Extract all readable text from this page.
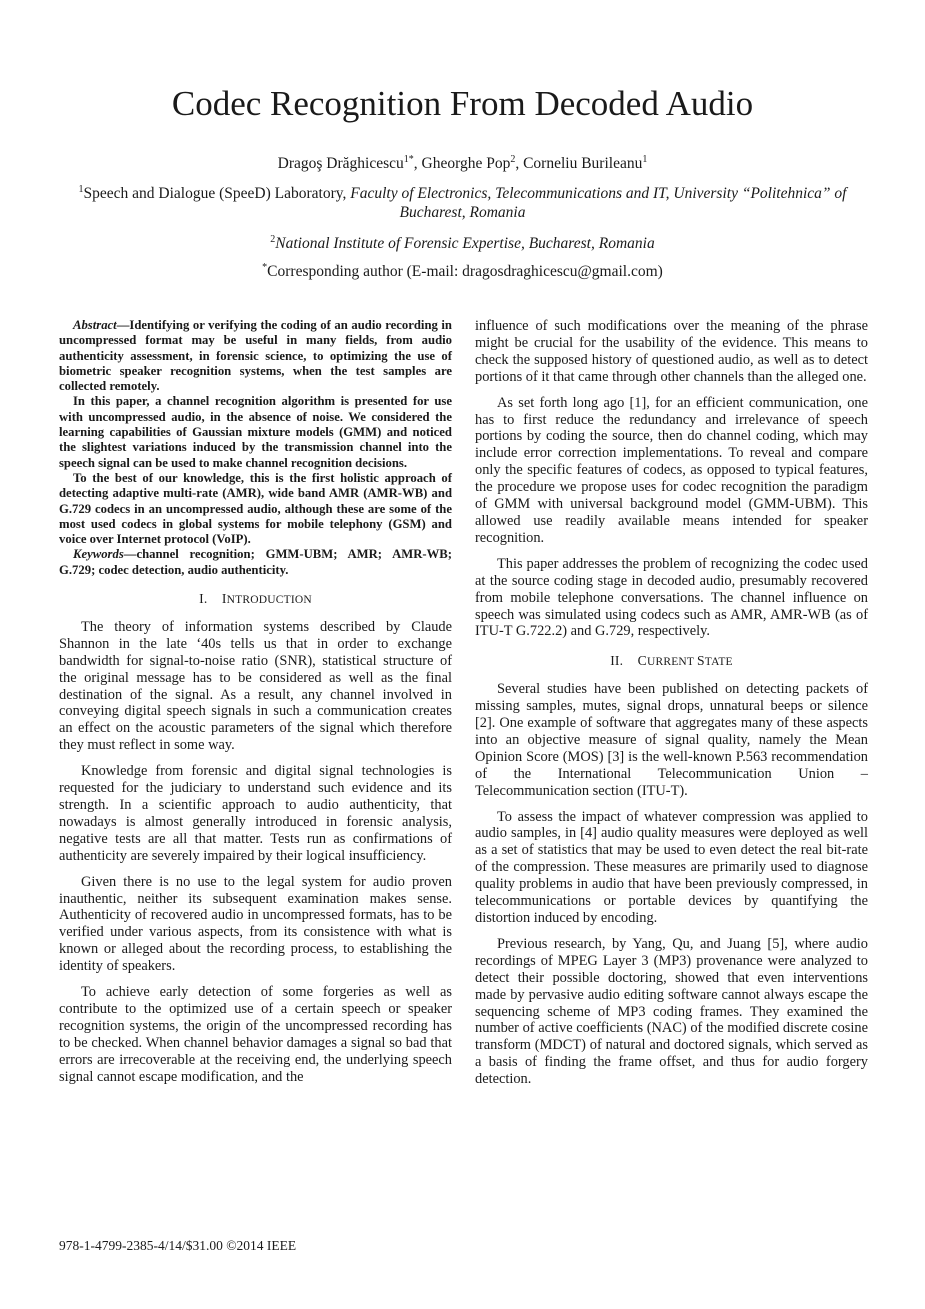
Codec Recognition From Decoded Audio
Dragoş Drăghicescu$^{1*}$, Gheorghe Pop$^2$, Corneliu Burileanu$^1$
$^1$Speech and Dialogue (SpeeD) Laboratory, Faculty of Electronics, Telecommunications and IT, University “Politehnica” of Bucharest, Romania
$^2$National Institute of Forensic Expertise, Bucharest, Romania
*Corresponding author (E-mail: dragosdraghicescu@gmail.com)

Abstract—Identifying or verifying the coding of an audio recording in uncompressed format may be useful in many fields, from audio authenticity assessment, in forensic science, to optimizing the use of biometric speaker recognition systems, when the test samples are collected remotely.

In this paper, a channel recognition algorithm is presented for use with uncompressed audio, in the absence of noise. We considered the learning capabilities of Gaussian mixture models (GMM) and noticed the slightest variations induced by the transmission channel into the speech signal can be used to make channel recognition decisions.

To the best of our knowledge, this is the first holistic approach of detecting adaptive multi-rate (AMR), wide band AMR (AMR-WB) and G.729 codecs in an uncompressed audio, although these are some of the most used codecs in global systems for mobile telephony (GSM) and voice over Internet protocol (VoIP).

Keywords—channel recognition; GMM-UBM; AMR; AMR-WB; G.729; codec detection, audio authenticity.

I. INTRODUCTION

The theory of information systems described by Claude Shannon in the late ‘40s tells us that in order to exchange bandwidth for signal-to-noise ratio (SNR), statistical structure of the original message has to be considered as well as the final destination of the signal. As a result, any channel involved in conveying digital speech signals in such a communication creates an effect on the acoustic parameters of the signal which therefore they must reflect in some way.

Knowledge from forensic and digital signal technologies is requested for the judiciary to understand such evidence and its strength. In a scientific approach to audio authenticity, that nowadays is almost generally introduced in forensic analysis, negative tests are all that matter. Tests run as confirmations of authenticity are severely impaired by their logical insufficiency.

Given there is no use to the legal system for audio proven inauthentic, neither its subsequent examination makes sense. Authenticity of recovered audio in uncompressed formats, has to be verified under various aspects, from its consistence with what is known or alleged about the recording process, to establishing the identity of speakers.

To achieve early detection of some forgeries as well as contribute to the optimized use of a certain speech or speaker recognition systems, the origin of the uncompressed recording has to be checked. When channel behavior damages a signal so bad that errors are irrecoverable at the receiving end, the underlying speech signal cannot escape modification, and the

influence of such modifications over the meaning of the phrase might be crucial for the usability of the evidence. This means to check the supposed history of questioned audio, as well as to detect portions of it that came through other channels than the alleged one.

As set forth long ago [1], for an efficient communication, one has to first reduce the redundancy and irrelevance of speech portions by coding the source, then do channel coding, which may include error correction implementations. To reveal and compare only the specific features of codecs, as opposed to typical features, the procedure we propose uses for codec recognition the paradigm of GMM with universal background model (GMM-UBM). This allowed use readily available means intended for speaker recognition.

This paper addresses the problem of recognizing the codec used at the source coding stage in decoded audio, presumably recovered from mobile telephone conversations. The channel influence on speech was simulated using codecs such as AMR, AMR-WB (as of ITU-T G.722.2) and G.729, respectively.

II. CURRENT STATE

Several studies have been published on detecting packets of missing samples, mutes, signal drops, unnatural beeps or silence [2]. One example of software that aggregates many of these aspects into an objective measure of signal quality, namely the Mean Opinion Score (MOS) [3] is the well-known P.563 recommendation of the International Telecommunication Union – Telecommunication section (ITU-T).

To assess the impact of whatever compression was applied to audio samples, in [4] audio quality measures were deployed as well as a set of statistics that may be used to even detect the real bit-rate of the compression. These measures are primarily used to diagnose quality problems in audio that have been previously compressed, in telecommunications or portable devices by quantifying the distortion induced by encoding.

Previous research, by Yang, Qu, and Juang [5], where audio recordings of MPEG Layer 3 (MP3) provenance were analyzed to detect their possible doctoring, showed that even interventions made by pervasive audio editing software cannot always escape the sequencing scheme of MP3 coding frames. They examined the number of active coefficients (NAC) of the modified discrete cosine transform (MDCT) of natural and doctored signals, which served as a basis of finding the frame offset, and thus for audio forgery detection.

978-1-4799-2385-4/14/$31.00 ©2014 IEEE
